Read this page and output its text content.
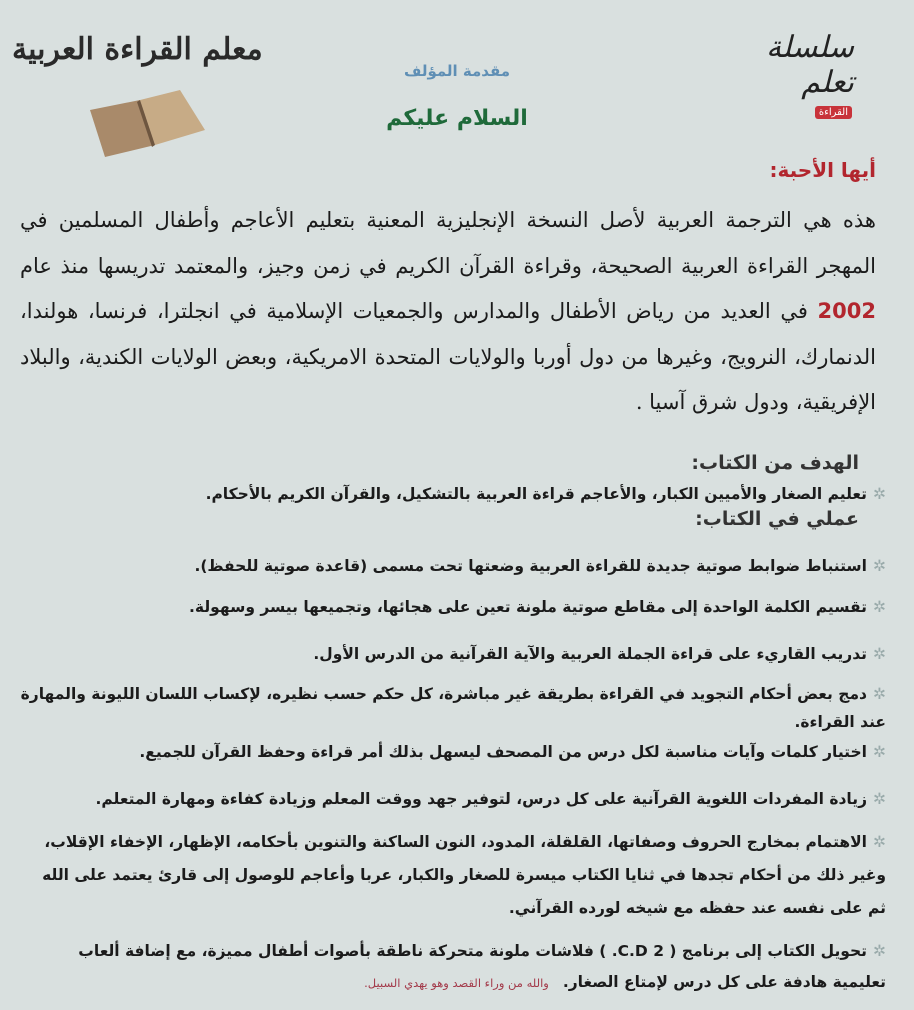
سلسلة تعلم
القراءة
معلم القراءة العربية
مقدمة المؤلف
السلام عليكم
أيها الأحبة:
هذه هي الترجمة العربية لأصل النسخة الإنجليزية المعنية بتعليم الأعاجم وأطفال المسلمين في المهجر القراءة العربية الصحيحة، وقراءة القرآن الكريم في زمن وجيز، والمعتمد تدريسها منذ عام 2002 في العديد من رياض الأطفال والمدارس والجمعيات الإسلامية في انجلترا، فرنسا، هولندا، الدنمارك، النرويج، وغيرها من دول أوربا والولايات المتحدة الامريكية، وبعض الولايات الكندية، والبلاد الإفريقية، ودول شرق آسيا .
الهدف من الكتاب:
✲تعليم الصغار والأميين الكبار، والأعاجم قراءة العربية بالتشكيل، والقرآن الكريم بالأحكام.
عملي في الكتاب:
✲استنباط ضوابط صوتية جديدة للقراءة العربية وضعتها تحت مسمى (قاعدة صوتية للحفظ).
✲تقسيم الكلمة الواحدة إلى مقاطع صوتية ملونة تعين على هجائها، وتجميعها بيسر وسهولة.
✲تدريب القاريء على قراءة الجملة العربية والآية القرآنية من الدرس الأول.
✲دمج بعض أحكام التجويد في القراءة بطريقة غير مباشرة، كل حكم حسب نظيره، لإكساب اللسان الليونة والمهارة عند القراءة.
✲اختيار كلمات وآيات مناسبة لكل درس من المصحف ليسهل بذلك أمر قراءة وحفظ القرآن للجميع.
✲زيادة المفردات اللغوية القرآنية على كل درس، لتوفير جهد ووقت المعلم وزيادة كفاءة ومهارة المتعلم.
✲الاهتمام بمخارج الحروف وصفاتها، القلقلة، المدود، النون الساكنة والتنوين بأحكامه، الإظهار، الإخفاء الإقلاب، وغير ذلك من أحكام تجدها في ثنايا الكتاب ميسرة للصغار والكبار، عربا وأعاجم للوصول إلى قارئ يعتمد على الله ثم على نفسه عند حفظه مع شيخه لورده القرآني.
✲تحويل الكتاب إلى برنامج ( 2 C.D. ) فلاشات ملونة متحركة ناطقة بأصوات أطفال مميزة، مع إضافة ألعاب تعليمية هادفة على كل درس لإمتاع الصغار.والله من وراء القصد وهو يهدي السبيل.
